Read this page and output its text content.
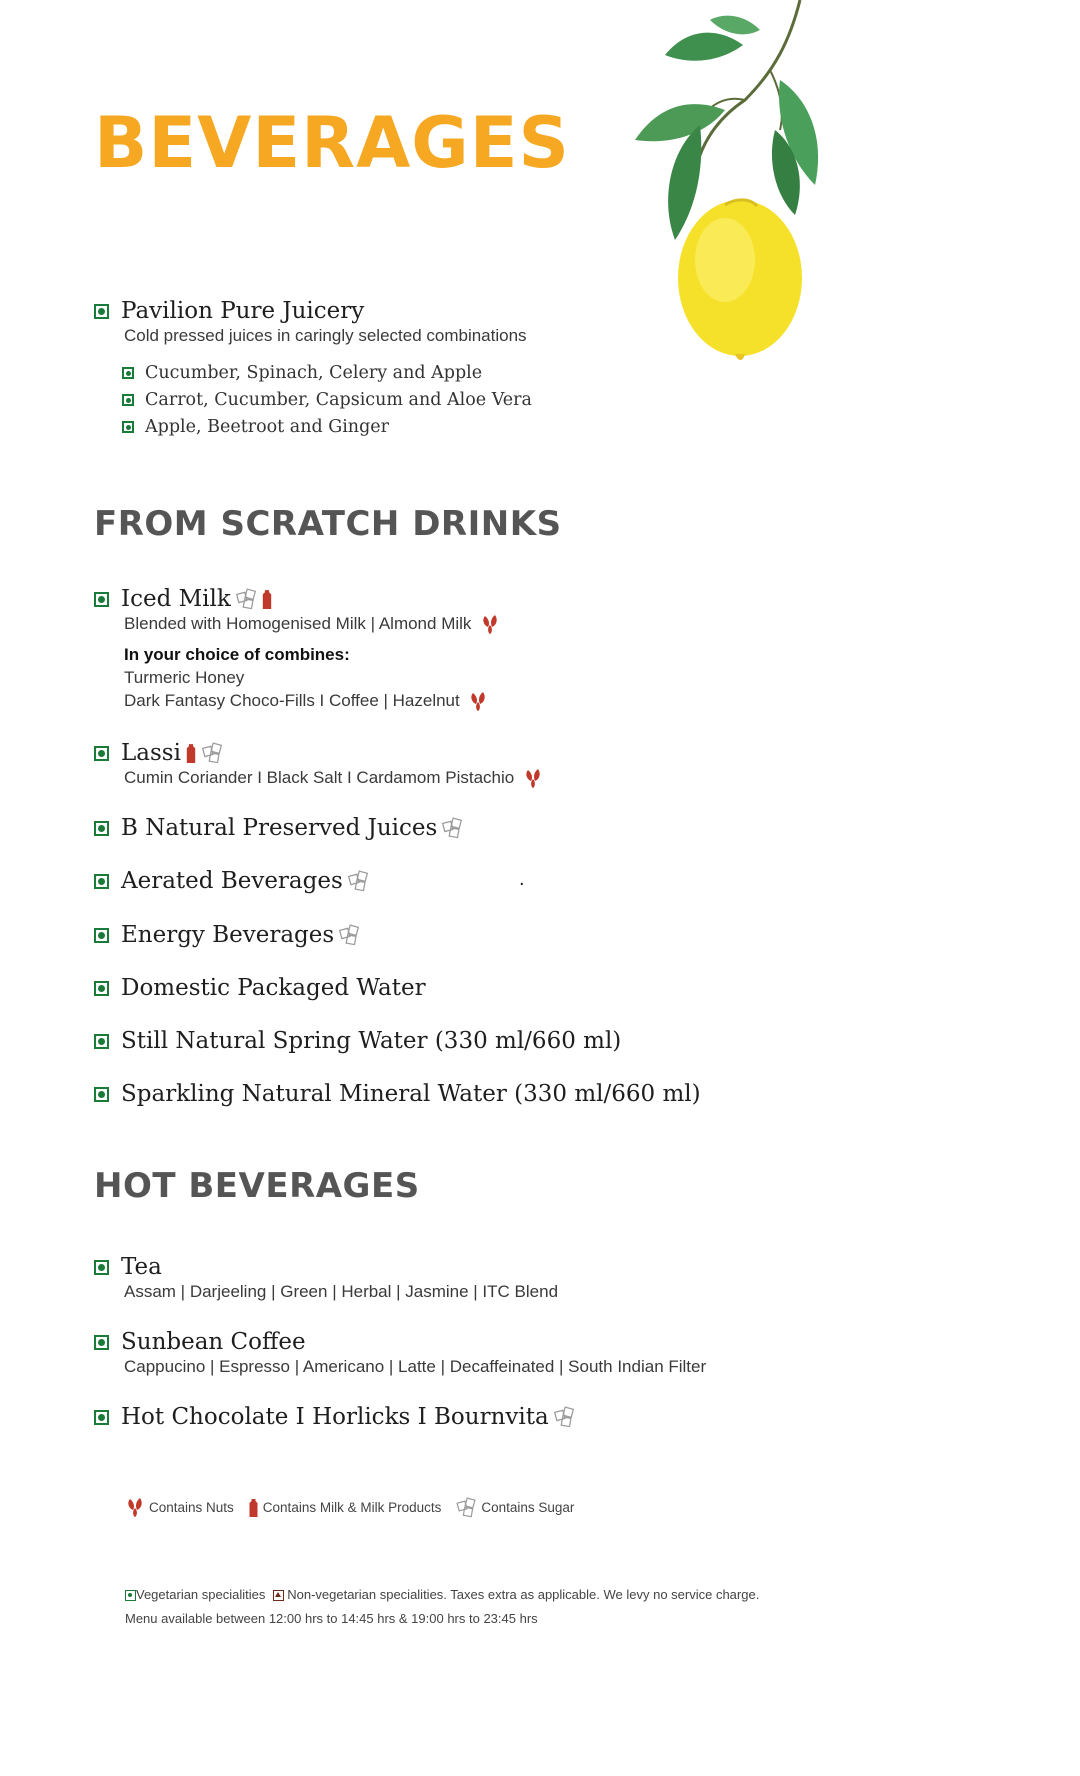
BEVERAGES
Pavilion Pure Juicery
Cold pressed juices in caringly selected combinations
Cucumber, Spinach, Celery and Apple
Carrot, Cucumber, Capsicum and Aloe Vera
Apple, Beetroot and Ginger
FROM SCRATCH DRINKS
Iced Milk
Blended with Homogenised Milk | Almond Milk
In your choice of combines:
Turmeric Honey
Dark Fantasy Choco-Fills I Coffee | Hazelnut
Lassi
Cumin Coriander I Black Salt I Cardamom Pistachio
B Natural Preserved Juices
Aerated Beverages	.
Energy Beverages
Domestic Packaged Water
Still Natural Spring Water (330 ml/660 ml)
Sparkling Natural Mineral Water (330 ml/660 ml)
HOT BEVERAGES
Tea
Assam | Darjeeling | Green | Herbal | Jasmine | ITC Blend
Sunbean Coffee
Cappucino | Espresso | Americano | Latte | Decaffeinated | South Indian Filter
Hot Chocolate I Horlicks I Bournvita
Contains Nuts Contains Milk & Milk Products	Contains Sugar
Vegetarian specialities Non-vegetarian specialities. Taxes extra as applicable. We levy no service charge.
Menu available between 12:00 hrs to 14:45 hrs & 19:00 hrs to 23:45 hrs
